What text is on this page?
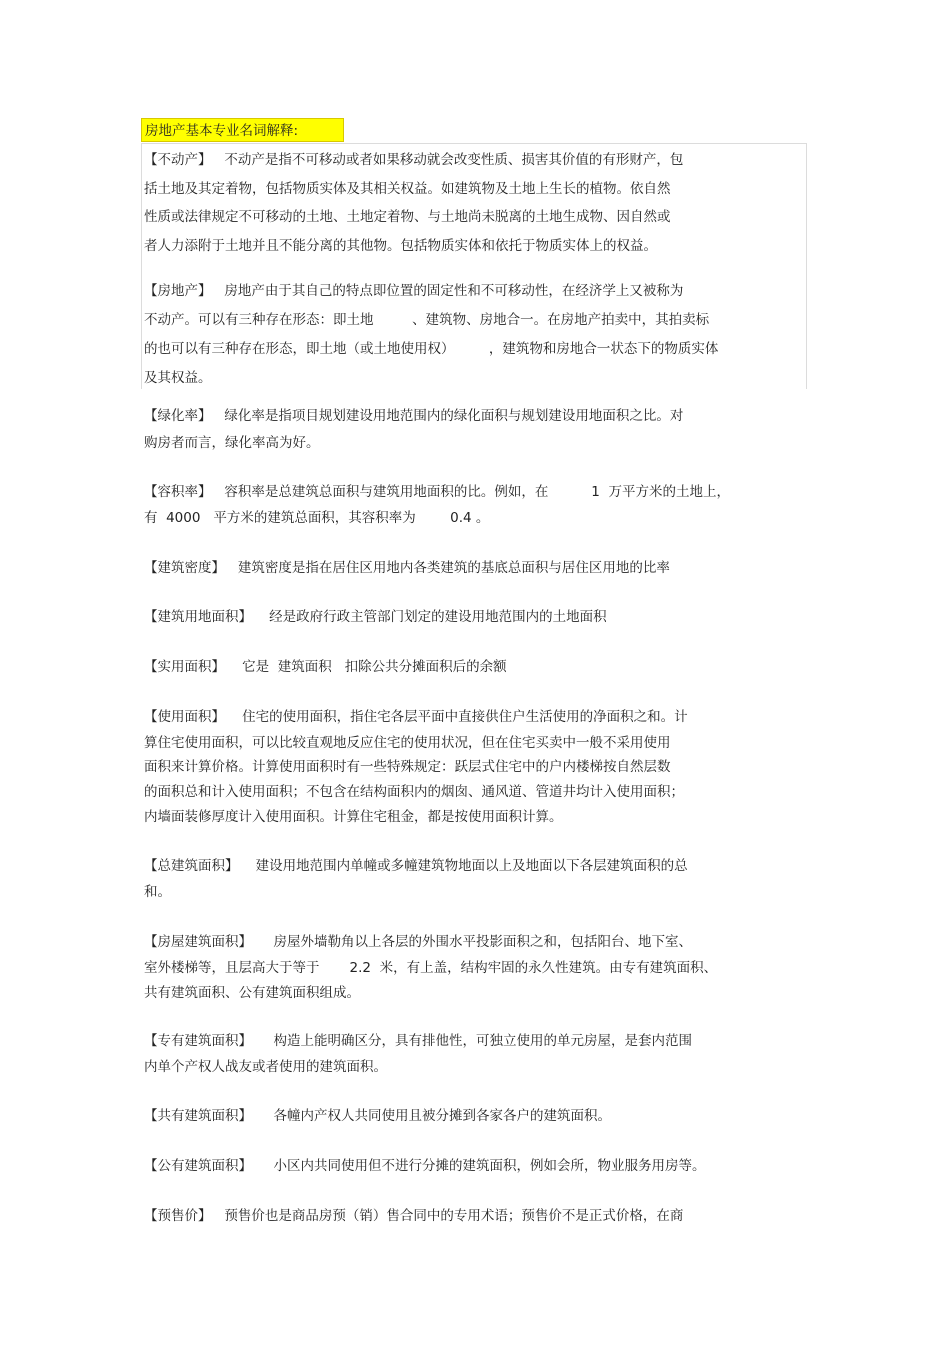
房地产基本专业名词解释:
【不动产】   不动产是指不可移动或者如果移动就会改变性质、损害其价值的有形财产，包
括土地及其定着物，包括物质实体及其相关权益。如建筑物及土地上生长的植物。依自然
性质或法律规定不可移动的土地、土地定着物、与土地尚未脱离的土地生成物、因自然或
者人力添附于土地并且不能分离的其他物。包括物质实体和依托于物质实体上的权益。
【房地产】   房地产由于其自己的特点即位置的固定性和不可移动性，在经济学上又被称为
不动产。可以有三种存在形态：即土地         、建筑物、房地合一。在房地产拍卖中，其拍卖标
的也可以有三种存在形态，即土地（或土地使用权）        ，建筑物和房地合一状态下的物质实体
及其权益。
【绿化率】   绿化率是指项目规划建设用地范围内的绿化面积与规划建设用地面积之比。对
购房者而言，绿化率高为好。
【容积率】   容积率是总建筑总面积与建筑用地面积的比。例如，在          1  万平方米的土地上，
有  4000   平方米的建筑总面积，其容积率为        0.4 。
【建筑密度】   建筑密度是指在居住区用地内各类建筑的基底总面积与居住区用地的比率
【建筑用地面积】    经是政府行政主管部门划定的建设用地范围内的土地面积
【实用面积】    它是  建筑面积   扣除公共分摊面积后的余额
【使用面积】    住宅的使用面积，指住宅各层平面中直接供住户生活使用的净面积之和。计
算住宅使用面积，可以比较直观地反应住宅的使用状况，但在住宅买卖中一般不采用使用
面积来计算价格。计算使用面积时有一些特殊规定：跃层式住宅中的户内楼梯按自然层数
的面积总和计入使用面积；不包含在结构面积内的烟囱、通风道、管道井均计入使用面积；
内墙面装修厚度计入使用面积。计算住宅租金，都是按使用面积计算。
【总建筑面积】    建设用地范围内单幢或多幢建筑物地面以上及地面以下各层建筑面积的总
和。
【房屋建筑面积】     房屋外墙勒角以上各层的外围水平投影面积之和，包括阳台、地下室、
室外楼梯等，且层高大于等于       2.2  米，有上盖，结构牢固的永久性建筑。由专有建筑面积、
共有建筑面积、公有建筑面积组成。
【专有建筑面积】     构造上能明确区分，具有排他性，可独立使用的单元房屋，是套内范围
内单个产权人战友或者使用的建筑面积。
【共有建筑面积】     各幢内产权人共同使用且被分摊到各家各户的建筑面积。
【公有建筑面积】     小区内共同使用但不进行分摊的建筑面积，例如会所，物业服务用房等。
【预售价】   预售价也是商品房预（销）售合同中的专用术语；预售价不是正式价格，在商
